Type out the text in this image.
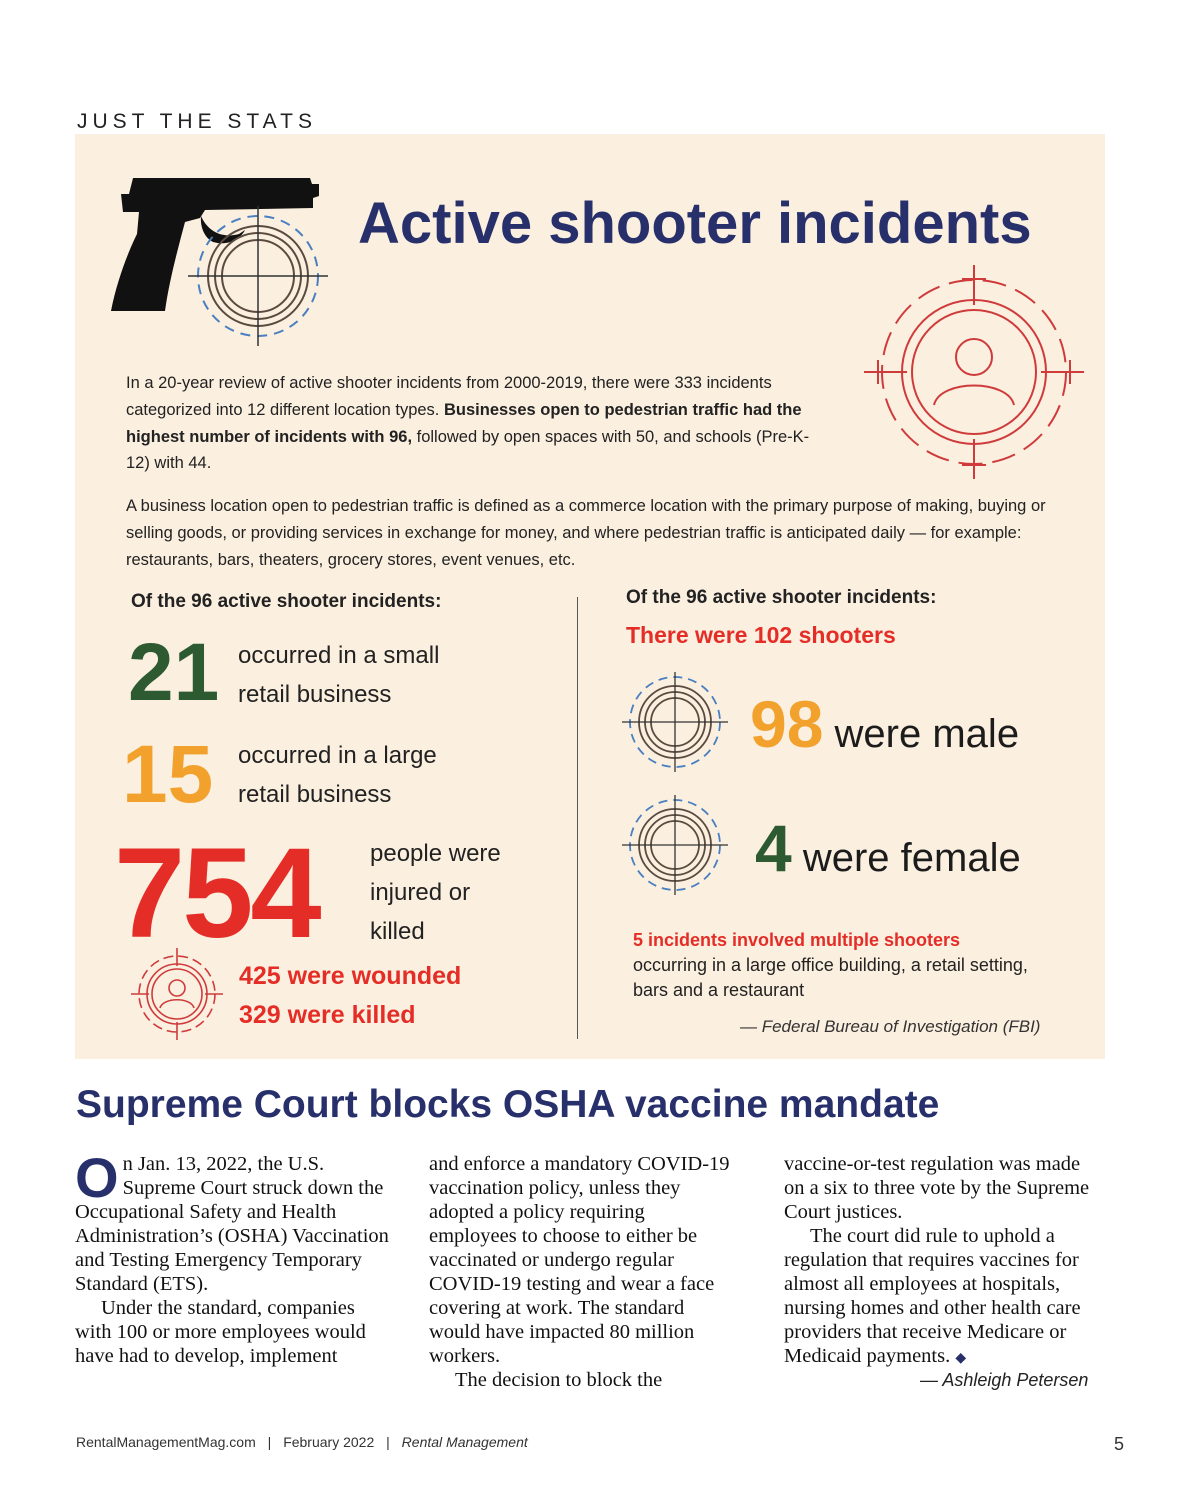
JUST THE STATS
Active shooter incidents
In a 20-year review of active shooter incidents from 2000-2019, there were 333 incidents categorized into 12 different location types. Businesses open to pedestrian traffic had the highest number of incidents with 96, followed by open spaces with 50, and schools (Pre-K-12) with 44.
A business location open to pedestrian traffic is defined as a commerce location with the primary purpose of making, buying or selling goods, or providing services in exchange for money, and where pedestrian traffic is anticipated daily — for example: restaurants, bars, theaters, grocery stores, event venues, etc.
Of the 96 active shooter incidents:
21 occurred in a small
retail business
15 occurred in a large
retail business
754 people were
injured or
killed
425 were wounded
329 were killed
Of the 96 active shooter incidents:
There were 102 shooters
98 were male
4 were female
5 incidents involved multiple shooters
occurring in a large office building, a retail setting, bars and a restaurant
— Federal Bureau of Investigation (FBI)
Supreme Court blocks OSHA vaccine mandate

On Jan. 13, 2022, the U.S. Supreme Court struck down the Occupational Safety and Health Administration’s (OSHA) Vaccination and Testing Emergency Temporary Standard (ETS).

Under the standard, companies with 100 or more employees would have had to develop, implement

and enforce a mandatory COVID-19 vaccination policy, unless they adopted a policy requiring employees to choose to either be vaccinated or undergo regular COVID-19 testing and wear a face covering at work. The standard would have impacted 80 million workers.

The decision to block the

vaccine-or-test regulation was made on a six to three vote by the Supreme Court justices.

The court did rule to uphold a regulation that requires vaccines for almost all employees at hospitals, nursing homes and other health care providers that receive Medicare or Medicaid payments. ◆

— Ashleigh Petersen
RentalManagementMag.com | February 2022 | Rental Management	5
